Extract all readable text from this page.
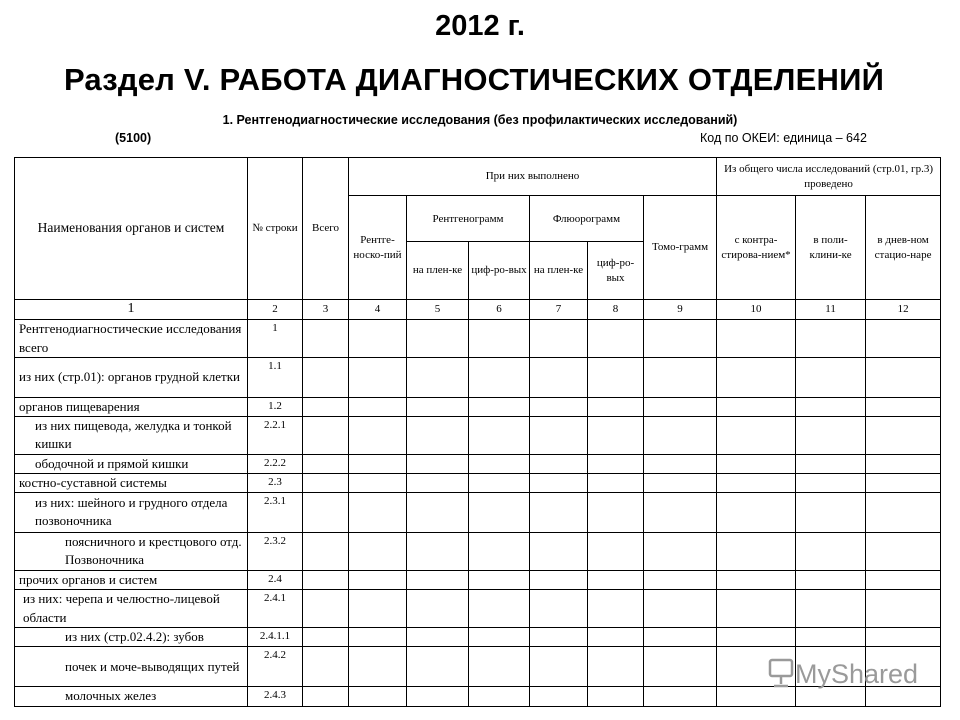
2012 г.
Раздел V. РАБОТА ДИАГНОСТИЧЕСКИХ ОТДЕЛЕНИЙ
1. Рентгенодиагностические исследования (без профилактических исследований)
(5100)	Код по ОКЕИ: единица – 642
Наименования органов и систем	№ строки	Всего	При них выполнено						Из общего числа исследований (стр.01, гр.3) проведено		
			Рентге-носко-пий	Рентгенограмм		Флюорограмм		Томо-грамм	с контра-стирова-нием*	в поли-клини-ке	в днев-ном стацио-наре
				на плен-ке	циф-ро-вых	на плен-ке	циф-ро-вых				
1	2	3	4	5	6	7	8	9	10	11	12
Рентгенодиагностические исследования всего	1										
из них (стр.01): органов грудной клетки	1.1										
органов пищеварения	1.2										
из них пищевода, желудка и тонкой кишки	2.2.1										
ободочной и прямой кишки	2.2.2										
костно-суставной системы	2.3										
из них: шейного и грудного отдела позвоночника	2.3.1										
поясничного и крестцового отд. Позвоночника	2.3.2										
прочих органов и систем	2.4										
из них: черепа и челюстно-лицевой области	2.4.1										
из них (стр.02.4.2): зубов	2.4.1.1										
почек и моче-выводящих путей	2.4.2										
молочных желез	2.4.3										
MyShared
